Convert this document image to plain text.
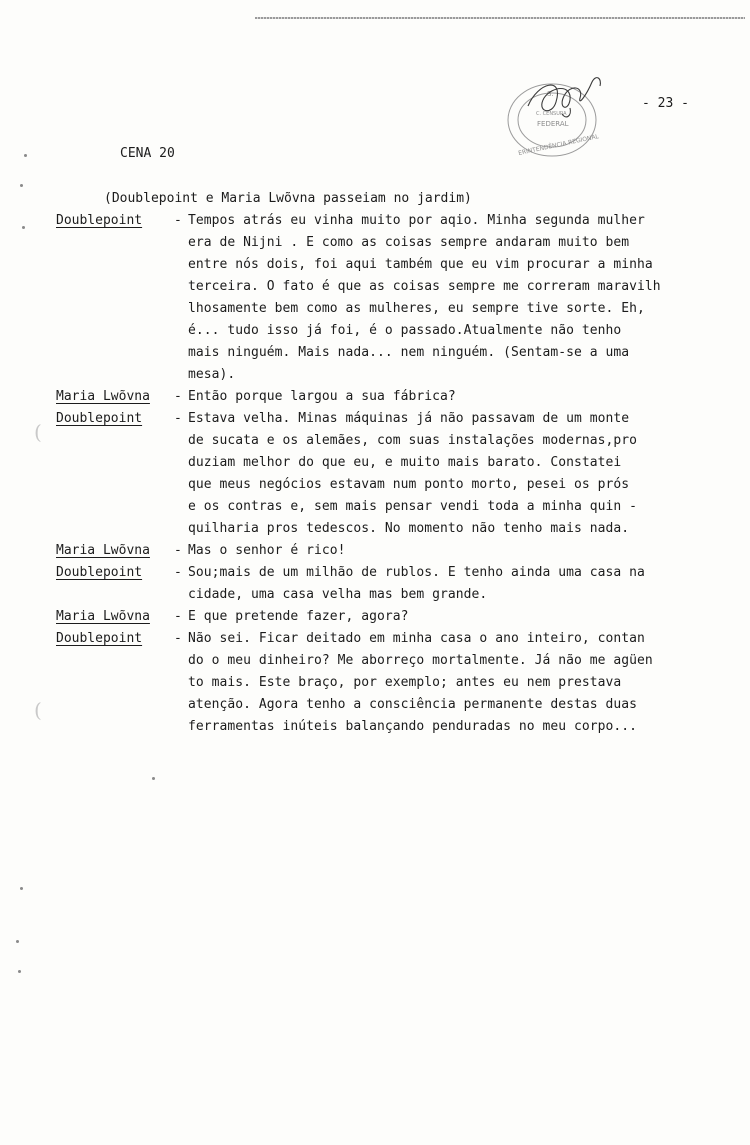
S.
C. CENSURA
FEDERAL
ERINTENDÊNCIA REGIONAL
- 23 -
CENA 20
(Doublepoint e Maria Lwõvna passeiam no jardim)
Doublepoint - Tempos atrás eu vinha muito por aqio. Minha segunda mulher
era de Nijni . E como as coisas sempre andaram muito bem
entre nós dois, foi aqui também que eu vim procurar a minha
terceira. O fato é que as coisas sempre me correram maravilh
lhosamente bem como as mulheres, eu sempre tive sorte. Eh,
é... tudo isso já foi, é o passado.Atualmente não tenho
mais ninguém. Mais nada... nem ninguém. (Sentam-se a uma
mesa).
Maria Lwõvna - Então porque largou a sua fábrica?
Doublepoint - Estava velha. Minas máquinas já não passavam de um monte
de sucata e os alemães, com suas instalações modernas,pro
duziam melhor do que eu, e muito mais barato. Constatei
que meus negócios estavam num ponto morto, pesei os prós
e os contras e, sem mais pensar vendi toda a minha quin -
quilharia pros tedescos. No momento não tenho mais nada.
Maria Lwõvna - Mas o senhor é rico!
Doublepoint - Sou;mais de um milhão de rublos. E tenho ainda uma casa na
cidade, uma casa velha mas bem grande.
Maria Lwõvna - E que pretende fazer, agora?
Doublepoint - Não sei. Ficar deitado em minha casa o ano inteiro, contan
do o meu dinheiro? Me aborreço mortalmente. Já não me agüen
to mais. Este braço, por exemplo; antes eu nem prestava
atenção. Agora tenho a consciência permanente destas duas
ferramentas inúteis balançando penduradas no meu corpo...
(
(
